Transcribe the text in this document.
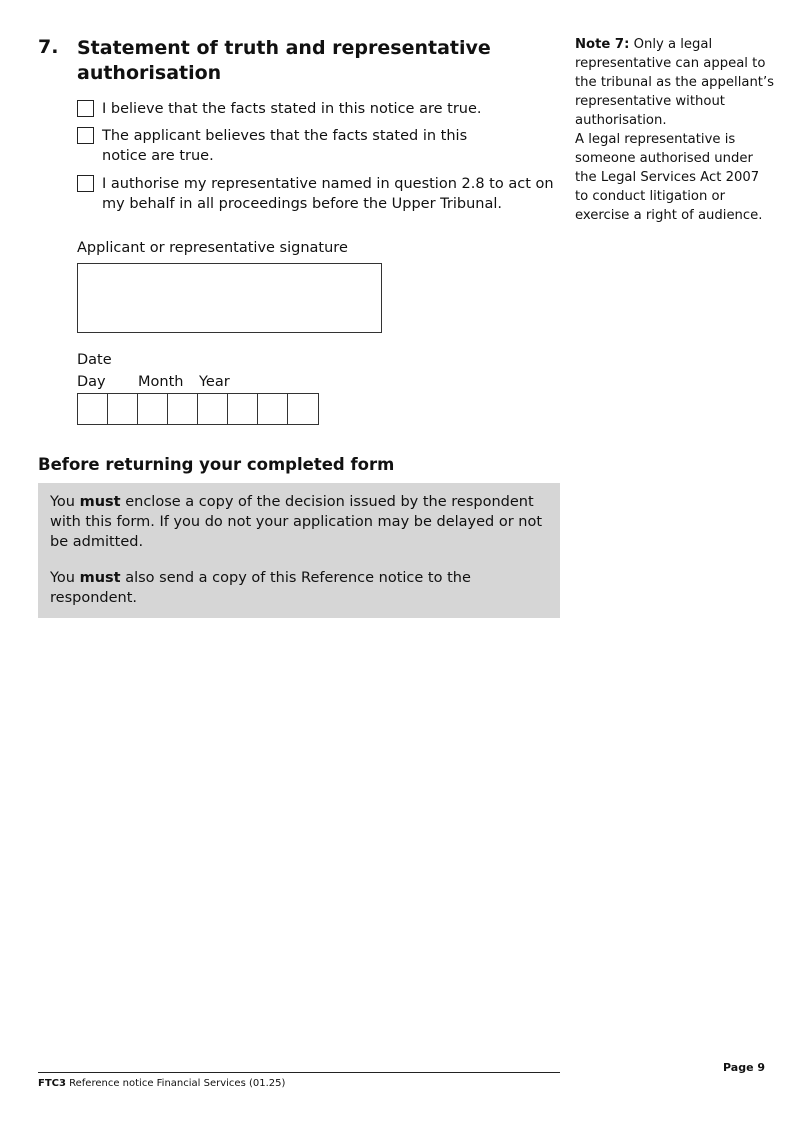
7. Statement of truth and representative authorisation
I believe that the facts stated in this notice are true.
The applicant believes that the facts stated in this notice are true.
I authorise my representative named in question 2.8 to act on my behalf in all proceedings before the Upper Tribunal.
Applicant or representative signature
Date
Day Month Year
Before returning your completed form
You must enclose a copy of the decision issued by the respondent with this form. If you do not your application may be delayed or not be admitted.
You must also send a copy of this Reference notice to the respondent.
Note 7: Only a legal representative can appeal to the tribunal as the appellant’s representative without authorisation.
A legal representative is someone authorised under the Legal Services Act 2007 to conduct litigation or exercise a right of audience.
FTC3 Reference notice Financial Services (01.25)
Page 9
